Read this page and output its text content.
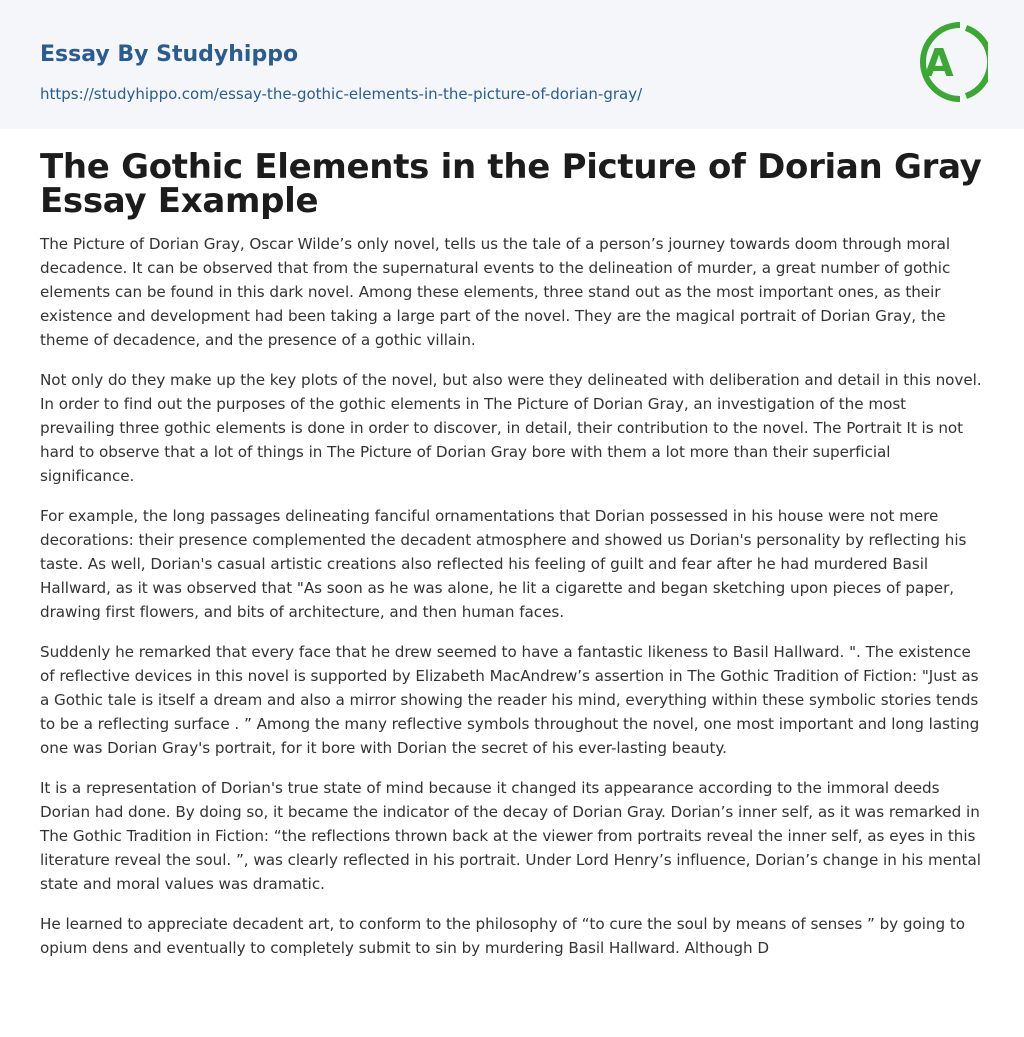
Essay By Studyhippo
https://studyhippo.com/essay-the-gothic-elements-in-the-picture-of-dorian-gray/
A
The Gothic Elements in the Picture of Dorian Gray Essay Example

The Picture of Dorian Gray, Oscar Wilde’s only novel, tells us the tale of a person’s journey towards doom through moral decadence. It can be observed that from the supernatural events to the delineation of murder, a great number of gothic elements can be found in this dark novel. Among these elements, three stand out as the most important ones, as their existence and development had been taking a large part of the novel. They are the magical portrait of Dorian Gray, the theme of decadence, and the presence of a gothic villain.

Not only do they make up the key plots of the novel, but also were they delineated with deliberation and detail in this novel. In order to find out the purposes of the gothic elements in The Picture of Dorian Gray, an investigation of the most prevailing three gothic elements is done in order to discover, in detail, their contribution to the novel. The Portrait It is not hard to observe that a lot of things in The Picture of Dorian Gray bore with them a lot more than their superficial significance.

For example, the long passages delineating fanciful ornamentations that Dorian possessed in his house were not mere decorations: their presence complemented the decadent atmosphere and showed us Dorian's personality by reflecting his taste. As well, Dorian's casual artistic creations also reflected his feeling of guilt and fear after he had murdered Basil Hallward, as it was observed that "As soon as he was alone, he lit a cigarette and began sketching upon pieces of paper, drawing first flowers, and bits of architecture, and then human faces.

Suddenly he remarked that every face that he drew seemed to have a fantastic likeness to Basil Hallward. ". The existence of reflective devices in this novel is supported by Elizabeth MacAndrew’s assertion in The Gothic Tradition of Fiction: "Just as a Gothic tale is itself a dream and also a mirror showing the reader his mind, everything within these symbolic stories tends to be a reflecting surface . ” Among the many reflective symbols throughout the novel, one most important and long lasting one was Dorian Gray's portrait, for it bore with Dorian the secret of his ever-lasting beauty.

It is a representation of Dorian's true state of mind because it changed its appearance according to the immoral deeds Dorian had done. By doing so, it became the indicator of the decay of Dorian Gray. Dorian’s inner self, as it was remarked in The Gothic Tradition in Fiction: “the reflections thrown back at the viewer from portraits reveal the inner self, as eyes in this literature reveal the soul. ”, was clearly reflected in his portrait. Under Lord Henry’s influence, Dorian’s change in his mental state and moral values was dramatic.

He learned to appreciate decadent art, to conform to the philosophy of “to cure the soul by means of senses ” by going to opium dens and eventually to completely submit to sin by murdering Basil Hallward. Although D
